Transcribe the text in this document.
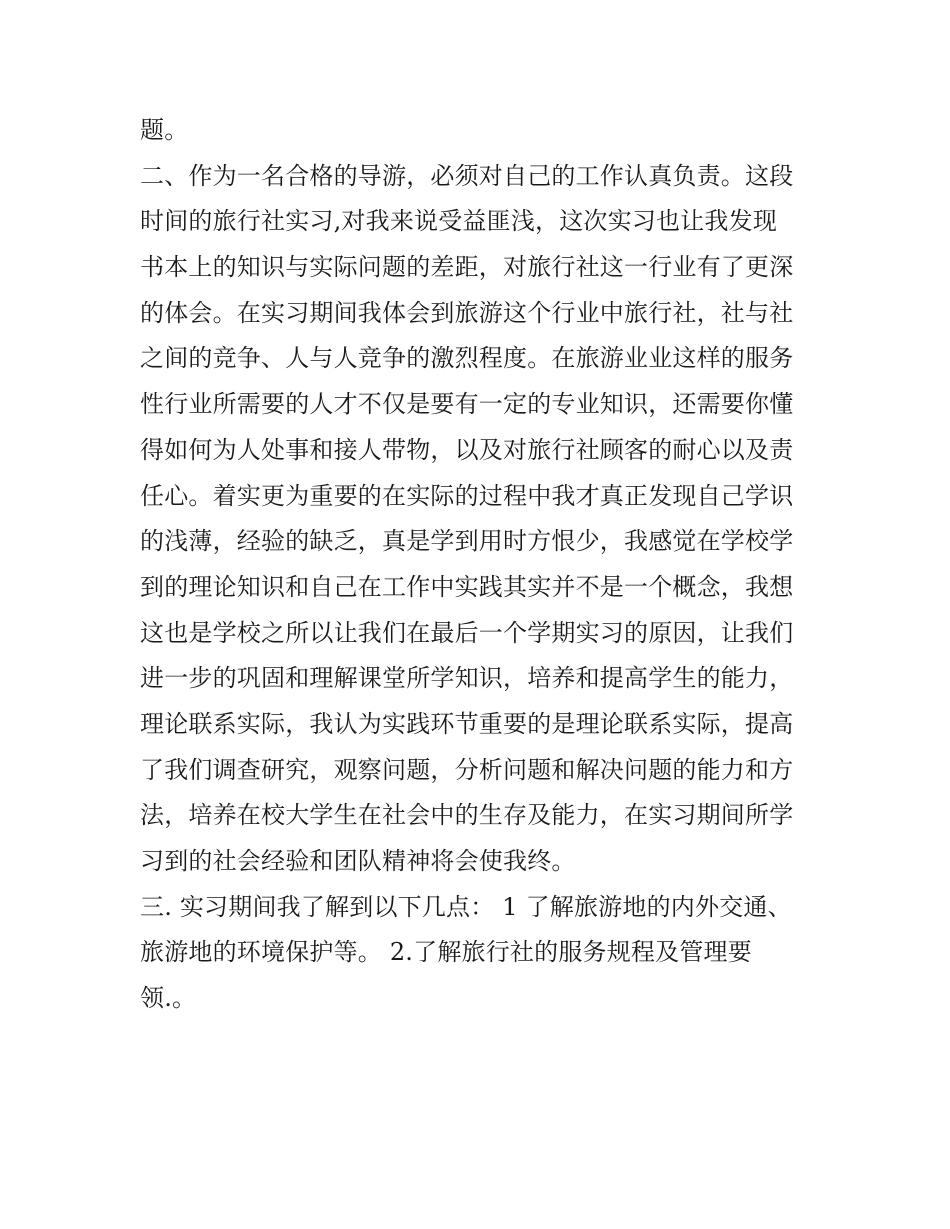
题。
二、作为一名合格的导游，必须对自己的工作认真负责。这段
时间的旅行社实习,对我来说受益匪浅，这次实习也让我发现
书本上的知识与实际问题的差距，对旅行社这一行业有了更深
的体会。在实习期间我体会到旅游这个行业中旅行社，社与社
之间的竞争、人与人竞争的激烈程度。在旅游业业这样的服务
性行业所需要的人才不仅是要有一定的专业知识，还需要你懂
得如何为人处事和接人带物，以及对旅行社顾客的耐心以及责
任心。着实更为重要的在实际的过程中我才真正发现自己学识
的浅薄，经验的缺乏，真是学到用时方恨少，我感觉在学校学
到的理论知识和自己在工作中实践其实并不是一个概念，我想
这也是学校之所以让我们在最后一个学期实习的原因，让我们
进一步的巩固和理解课堂所学知识，培养和提高学生的能力，
理论联系实际，我认为实践环节重要的是理论联系实际，提高
了我们调查研究，观察问题，分析问题和解决问题的能力和方
法，培养在校大学生在社会中的生存及能力，在实习期间所学
习到的社会经验和团队精神将会使我终。
三. 实习期间我了解到以下几点： 1 了解旅游地的内外交通、
旅游地的环境保护等。 2.了解旅行社的服务规程及管理要
领.。
